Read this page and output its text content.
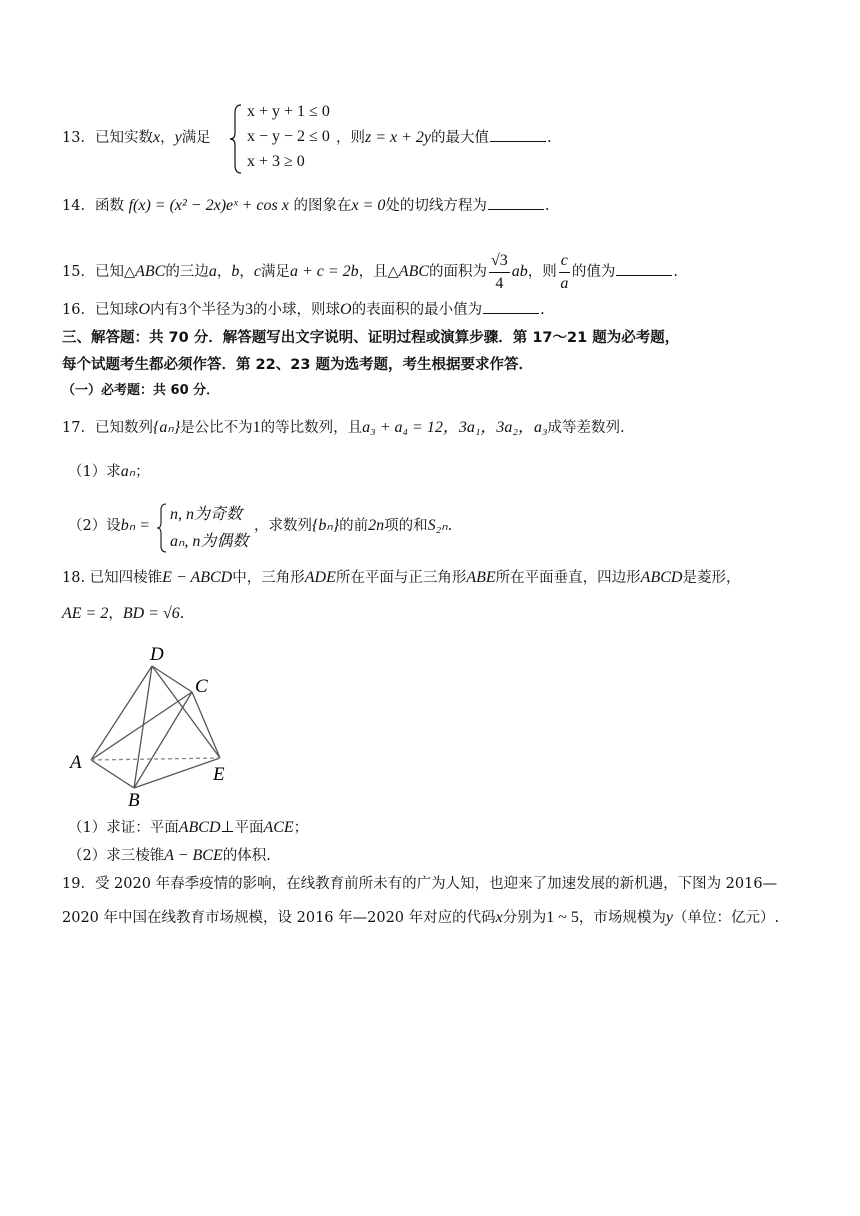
13．已知实数x，y满足
x + y + 1 ≤ 0
x − y − 2 ≤ 0
x + 3 ≥ 0
，则z = x + 2y的最大值	.
14．函数 f(x) = (x² − 2x)eˣ + cos x 的图象在x = 0处的切线方程为	.
15．已知△ABC的三边a，b，c满足a + c = 2b，且△ABC的面积为 $\frac{√3}{4}$ ab，则 $\frac{c}{a}$ 的值为	.
16．已知球O内有3个半径为3的小球，则球O的表面积的最小值为	.
三、解答题：共 70 分．解答题写出文字说明、证明过程或演算步骤．第 17～21 题为必考题，
每个试题考生都必须作答．第 22、23 题为选考题，考生根据要求作答．
（一）必考题：共 60 分．
17．已知数列{aₙ}是公比不为1的等比数列，且a₃ + a₄ = 12，3a₁，3a₂，a₃成等差数列.
（1）求aₙ；
（2）设bₙ =
n, n为奇数
aₙ, n为偶数
，求数列{bₙ}的前2n项的和S₂ₙ.
18. 已知四棱锥E − ABCD中，三角形ADE所在平面与正三角形ABE所在平面垂直，四边形ABCD是菱形，
AE = 2，BD = √6.
D
C
A
E
B
（1）求证：平面ABCD⊥平面ACE；
（2）求三棱锥A − BCE的体积.
19．受 2020 年春季疫情的影响，在线教育前所未有的广为人知，也迎来了加速发展的新机遇，下图为 2016—
2020 年中国在线教育市场规模，设 2016 年—2020 年对应的代码x分别为1 ~ 5，市场规模为y（单位：亿元）.
